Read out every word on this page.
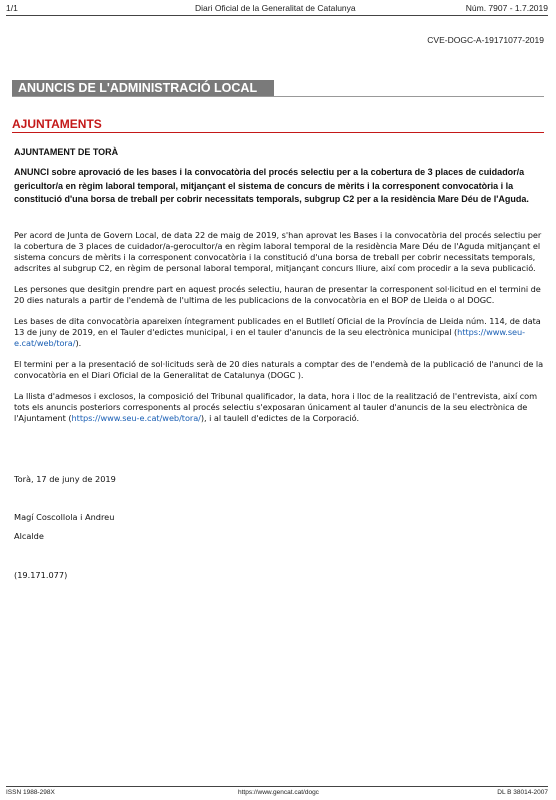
1/1	Diari Oficial de la Generalitat de Catalunya	Núm. 7907 - 1.7.2019
CVE-DOGC-A-19171077-2019
ANUNCIS DE L'ADMINISTRACIÓ LOCAL
AJUNTAMENTS
AJUNTAMENT DE TORÀ
ANUNCI sobre aprovació de les bases i la convocatòria del procés selectiu per a la cobertura de 3 places de cuidador/a gericultor/a en règim laboral temporal, mitjançant el sistema de concurs de mèrits i la corresponent convocatòria i la constitució d'una borsa de treball per cobrir necessitats temporals, subgrup C2 per a la residència Mare Déu de l'Aguda.

Per acord de Junta de Govern Local, de data 22 de maig de 2019, s'han aprovat les Bases i la convocatòria del procés selectiu per la cobertura de 3 places de cuidador/a-gerocultor/a en règim laboral temporal de la residència Mare Déu de l'Aguda mitjançant el sistema concurs de mèrits i la corresponent convocatòria i la constitució d'una borsa de treball per cobrir necessitats temporals, adscrites al subgrup C2, en règim de personal laboral temporal, mitjançant concurs lliure, així com procedir a la seva publicació.

Les persones que desitgin prendre part en aquest procés selectiu, hauran de presentar la corresponent sol·licitud en el termini de 20 dies naturals a partir de l'endemà de l'ultima de les publicacions de la convocatòria en el BOP de Lleida o al DOGC.

Les bases de dita convocatòria apareixen íntegrament publicades en el Butlletí Oficial de la Província de Lleida núm. 114, de data 13 de juny de 2019, en el Tauler d'edictes municipal, i en el tauler d'anuncis de la seu electrònica municipal (https://www.seu-e.cat/web/tora/).

El termini per a la presentació de sol·licituds serà de 20 dies naturals a comptar des de l'endemà de la publicació de l'anunci de la convocatòria en el Diari Oficial de la Generalitat de Catalunya (DOGC ).

La llista d'admesos i exclosos, la composició del Tribunal qualificador, la data, hora i lloc de la realització de l'entrevista, així com tots els anuncis posteriors corresponents al procés selectiu s'exposaran únicament al tauler d'anuncis de la seu electrònica de l'Ajuntament (https://www.seu-e.cat/web/tora/), i al taulell d'edictes de la Corporació.

Torà, 17 de juny de 2019
Magí Coscollola i Andreu
Alcalde
(19.171.077)
ISSN 1988-298X	https://www.gencat.cat/dogc	DL B 38014-2007
